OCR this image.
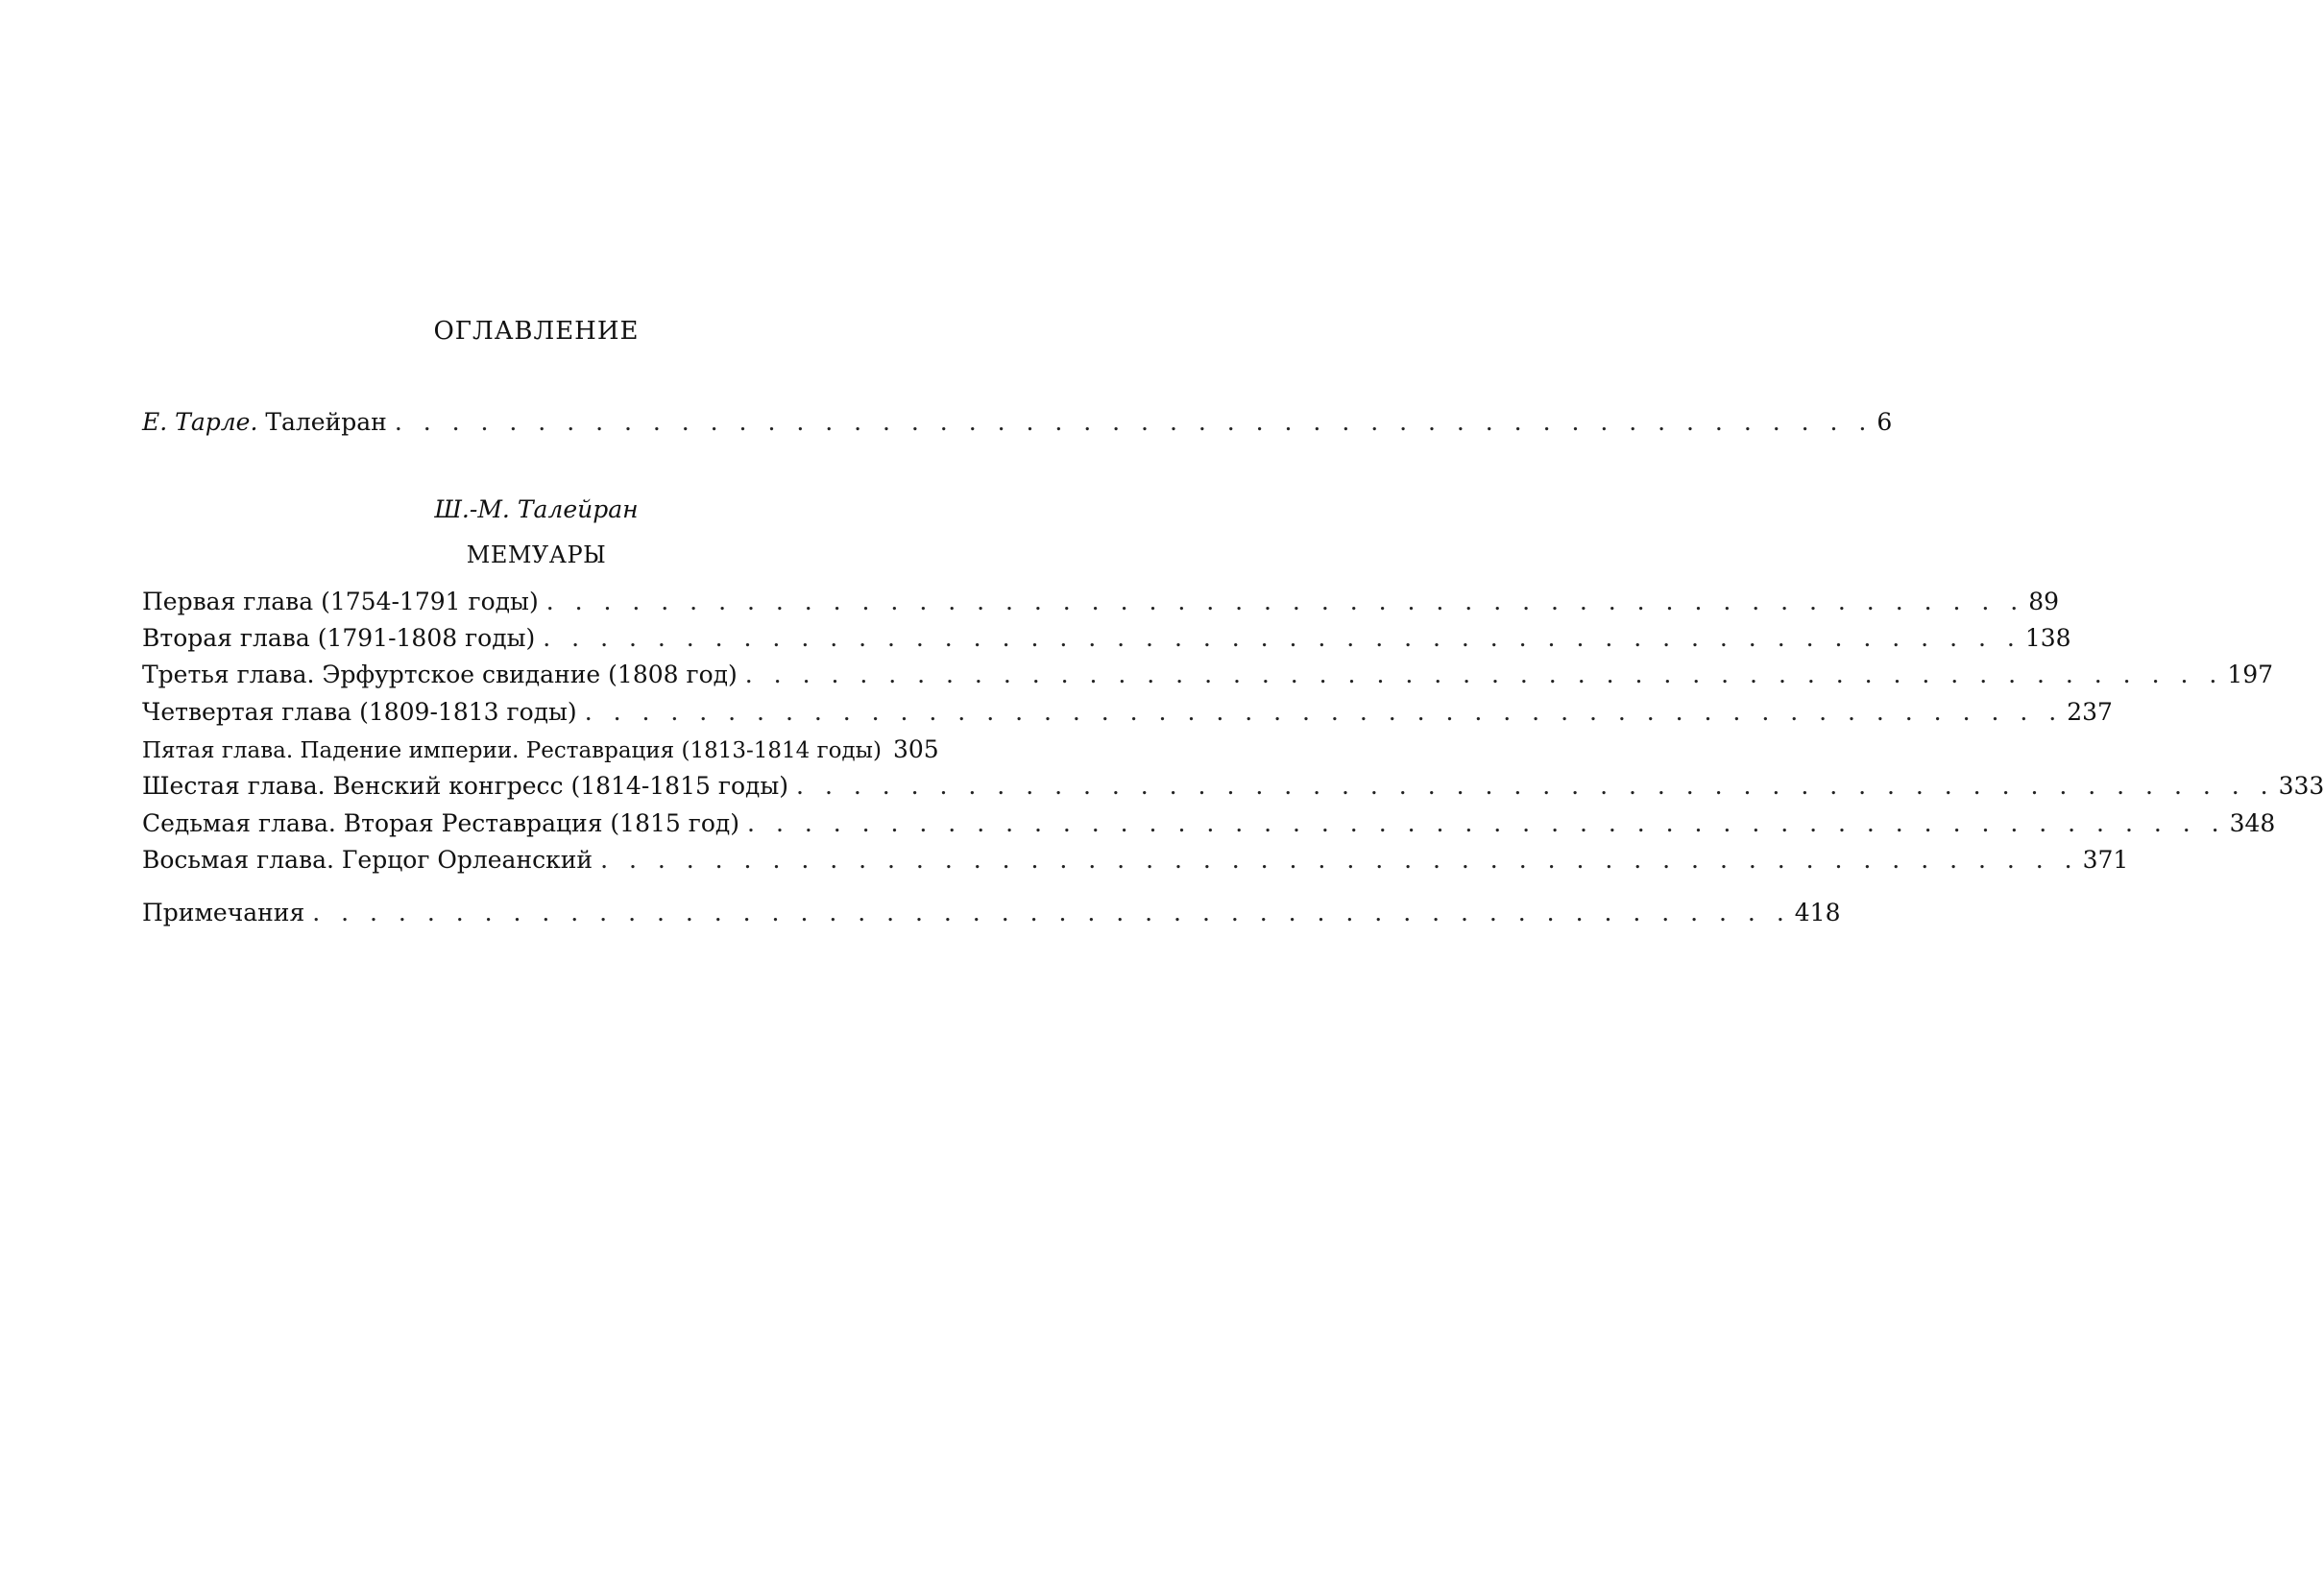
ОГЛАВЛЕНИЕ
Е. Тарле. Талейран . . . . . . . . . . . . . . . . . . . . . . . . . . . . . . . . . . . . . . . . . . . . . . . . . . . . 6
Ш.-М. Талейран
МЕМУАРЫ
Первая глава (1754-1791 годы) . . . . . . . . . . . . . . . . . . . . . . . . . . . . . . . . . . . . . . . . . . . . . . . . . . . . 89
Вторая глава (1791-1808 годы) . . . . . . . . . . . . . . . . . . . . . . . . . . . . . . . . . . . . . . . . . . . . . . . . . . . . 138
Третья глава. Эрфуртское свидание (1808 год) . . . . . . . . . . . . . . . . . . . . . . . . . . . . . . . . . . . . . . . . . . . . . . . . . . . . 197
Четвертая глава (1809-1813 годы) . . . . . . . . . . . . . . . . . . . . . . . . . . . . . . . . . . . . . . . . . . . . . . . . . . . . 237
Пятая глава. Падение империи. Реставрация (1813-1814 годы) 305
Шестая глава. Венский конгресс (1814-1815 годы) . . . . . . . . . . . . . . . . . . . . . . . . . . . . . . . . . . . . . . . . . . . . . . . . . . . . 333
Седьмая глава. Вторая Реставрация (1815 год) . . . . . . . . . . . . . . . . . . . . . . . . . . . . . . . . . . . . . . . . . . . . . . . . . . . . 348
Восьмая глава. Герцог Орлеанский . . . . . . . . . . . . . . . . . . . . . . . . . . . . . . . . . . . . . . . . . . . . . . . . . . . . 371
Примечания . . . . . . . . . . . . . . . . . . . . . . . . . . . . . . . . . . . . . . . . . . . . . . . . . . . . 418
